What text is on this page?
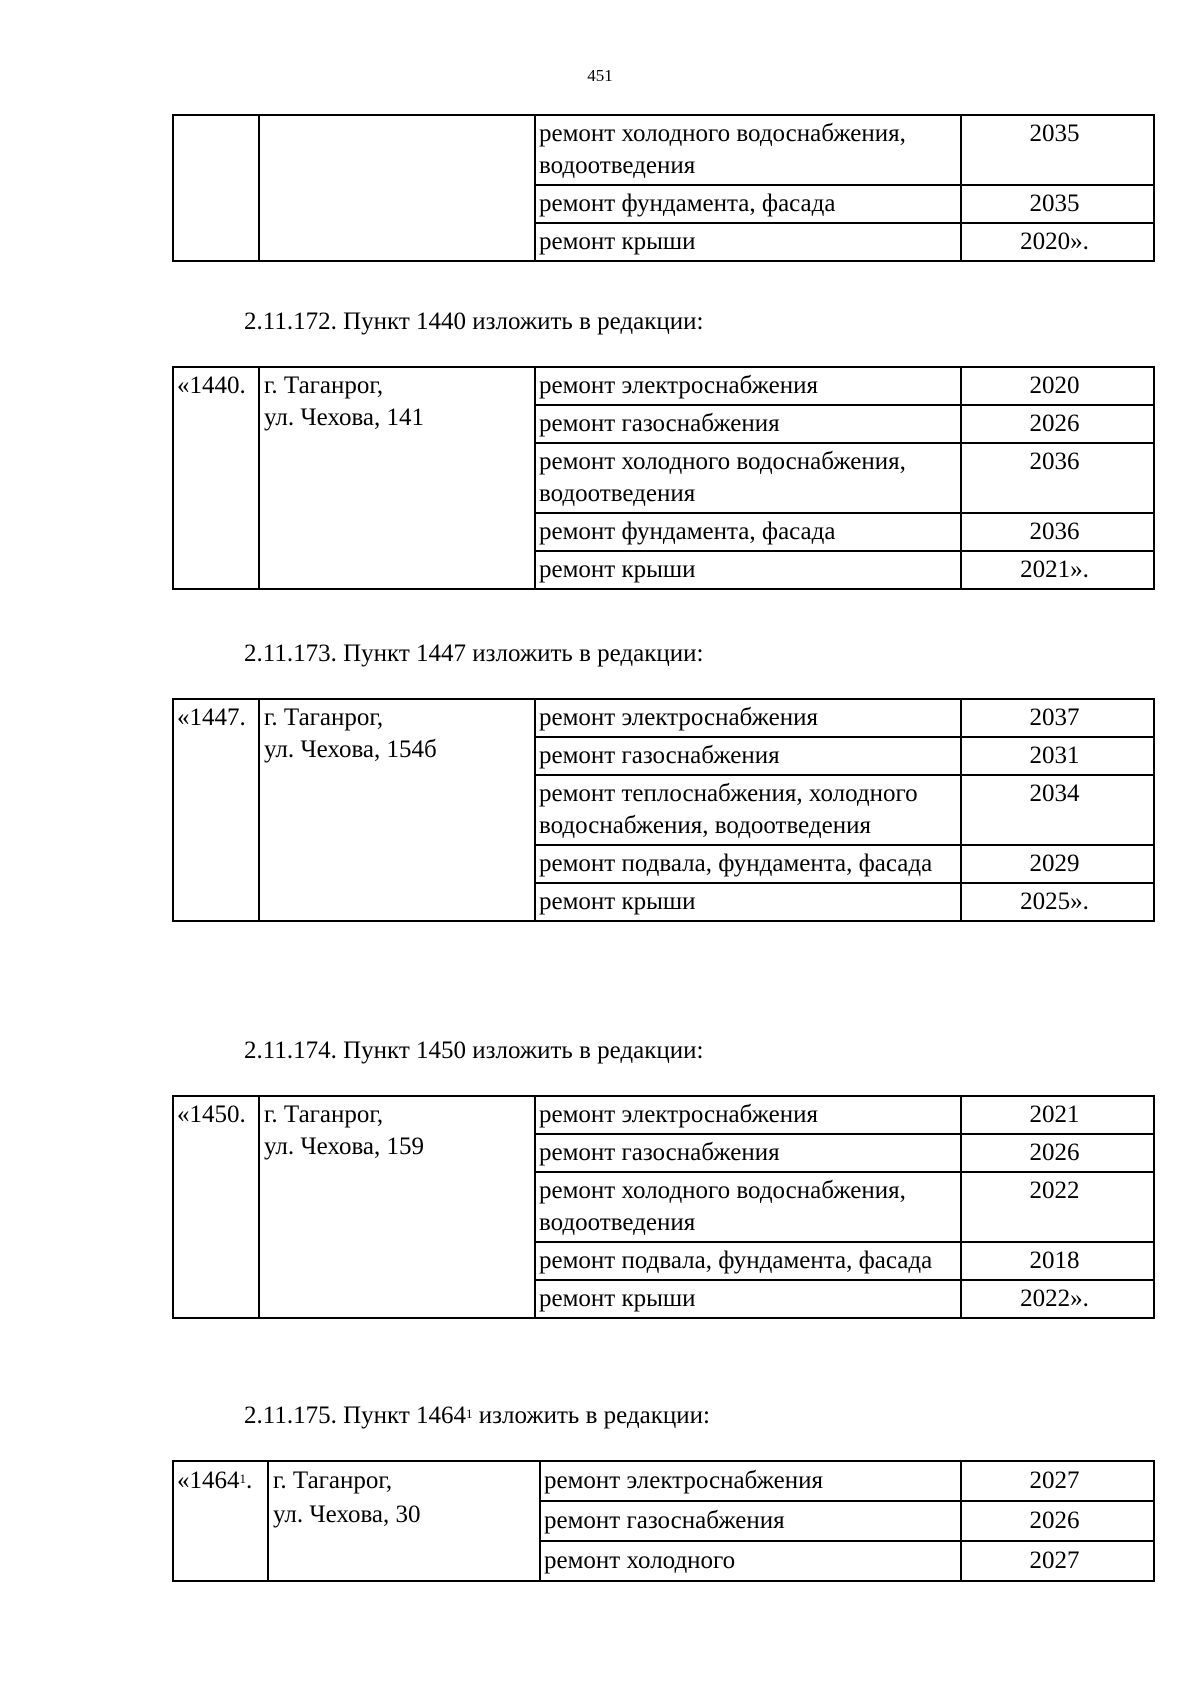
451
		ремонт холодного водоснабжения, водоотведения	2035
		ремонт фундамента, фасада	2035
		ремонт крыши	2020».
2.11.172. Пункт 1440 изложить в редакции:
«1440.	г. Таганрог,
ул. Чехова, 141	ремонт электроснабжения	2020
		ремонт газоснабжения	2026
		ремонт холодного водоснабжения, водоотведения	2036
		ремонт фундамента, фасада	2036
		ремонт крыши	2021».
2.11.173. Пункт 1447 изложить в редакции:
«1447.	г. Таганрог,
ул. Чехова, 154б	ремонт электроснабжения	2037
		ремонт газоснабжения	2031
		ремонт теплоснабжения, холодного водоснабжения, водоотведения	2034
		ремонт подвала, фундамента, фасада	2029
		ремонт крыши	2025».
2.11.174. Пункт 1450 изложить в редакции:
«1450.	г. Таганрог,
ул. Чехова, 159	ремонт электроснабжения	2021
		ремонт газоснабжения	2026
		ремонт холодного водоснабжения, водоотведения	2022
		ремонт подвала, фундамента, фасада	2018
		ремонт крыши	2022».
2.11.175. Пункт 1464$^1$ изложить в редакции:
«1464$^1$.	г. Таганрог,
ул. Чехова, 30	ремонт электроснабжения	2027
		ремонт газоснабжения	2026
		ремонт холодного	2027
